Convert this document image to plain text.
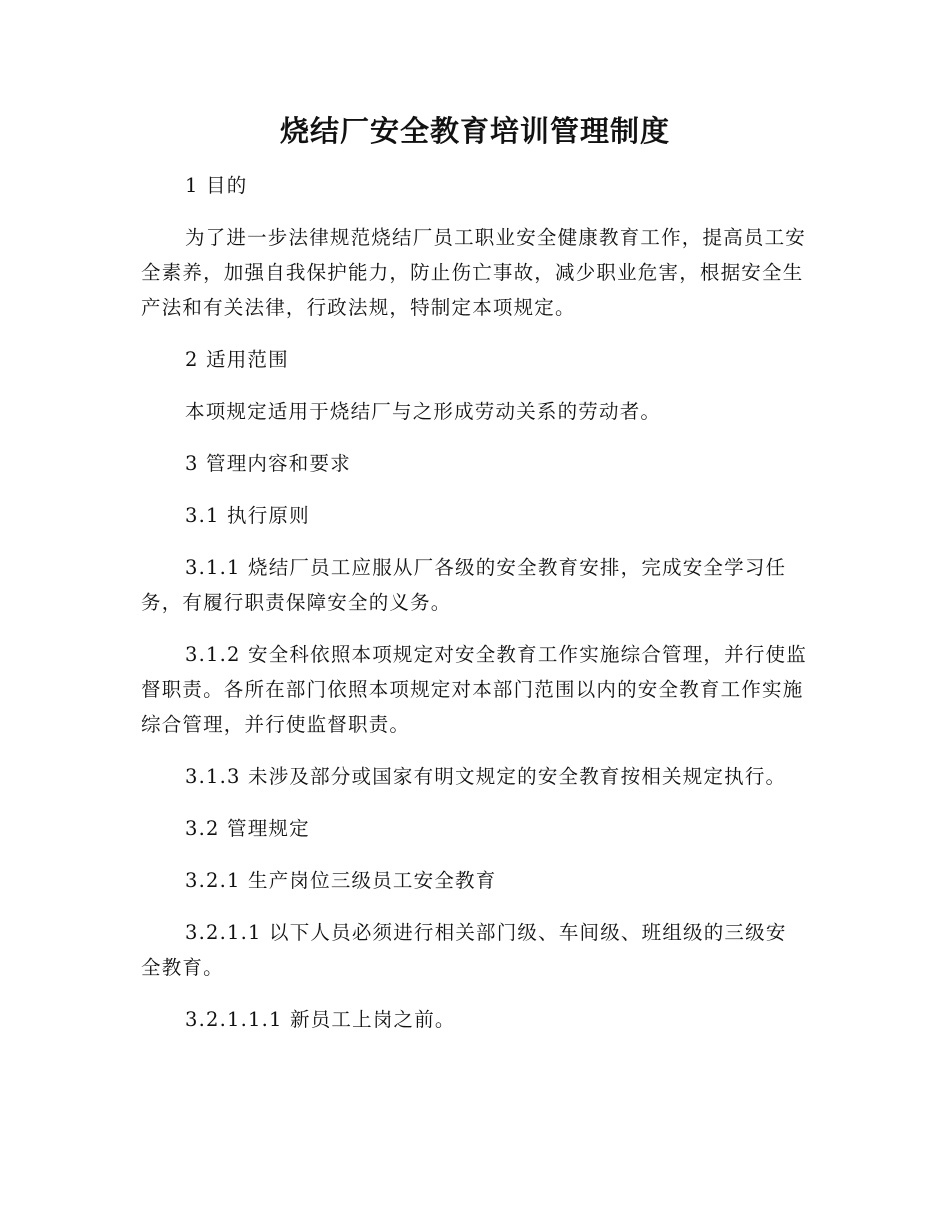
烧结厂安全教育培训管理制度

1 目的

为了进一步法律规范烧结厂员工职业安全健康教育工作，提高员工安全素养，加强自我保护能力，防止伤亡事故，减少职业危害，根据安全生产法和有关法律，行政法规，特制定本项规定。

2 适用范围

本项规定适用于烧结厂与之形成劳动关系的劳动者。

3 管理内容和要求

3.1 执行原则

3.1.1 烧结厂员工应服从厂各级的安全教育安排，完成安全学习任务，有履行职责保障安全的义务。

3.1.2 安全科依照本项规定对安全教育工作实施综合管理，并行使监督职责。各所在部门依照本项规定对本部门范围以内的安全教育工作实施综合管理，并行使监督职责。

3.1.3 未涉及部分或国家有明文规定的安全教育按相关规定执行。

3.2 管理规定

3.2.1 生产岗位三级员工安全教育

3.2.1.1 以下人员必须进行相关部门级、车间级、班组级的三级安全教育。

3.2.1.1.1 新员工上岗之前。
